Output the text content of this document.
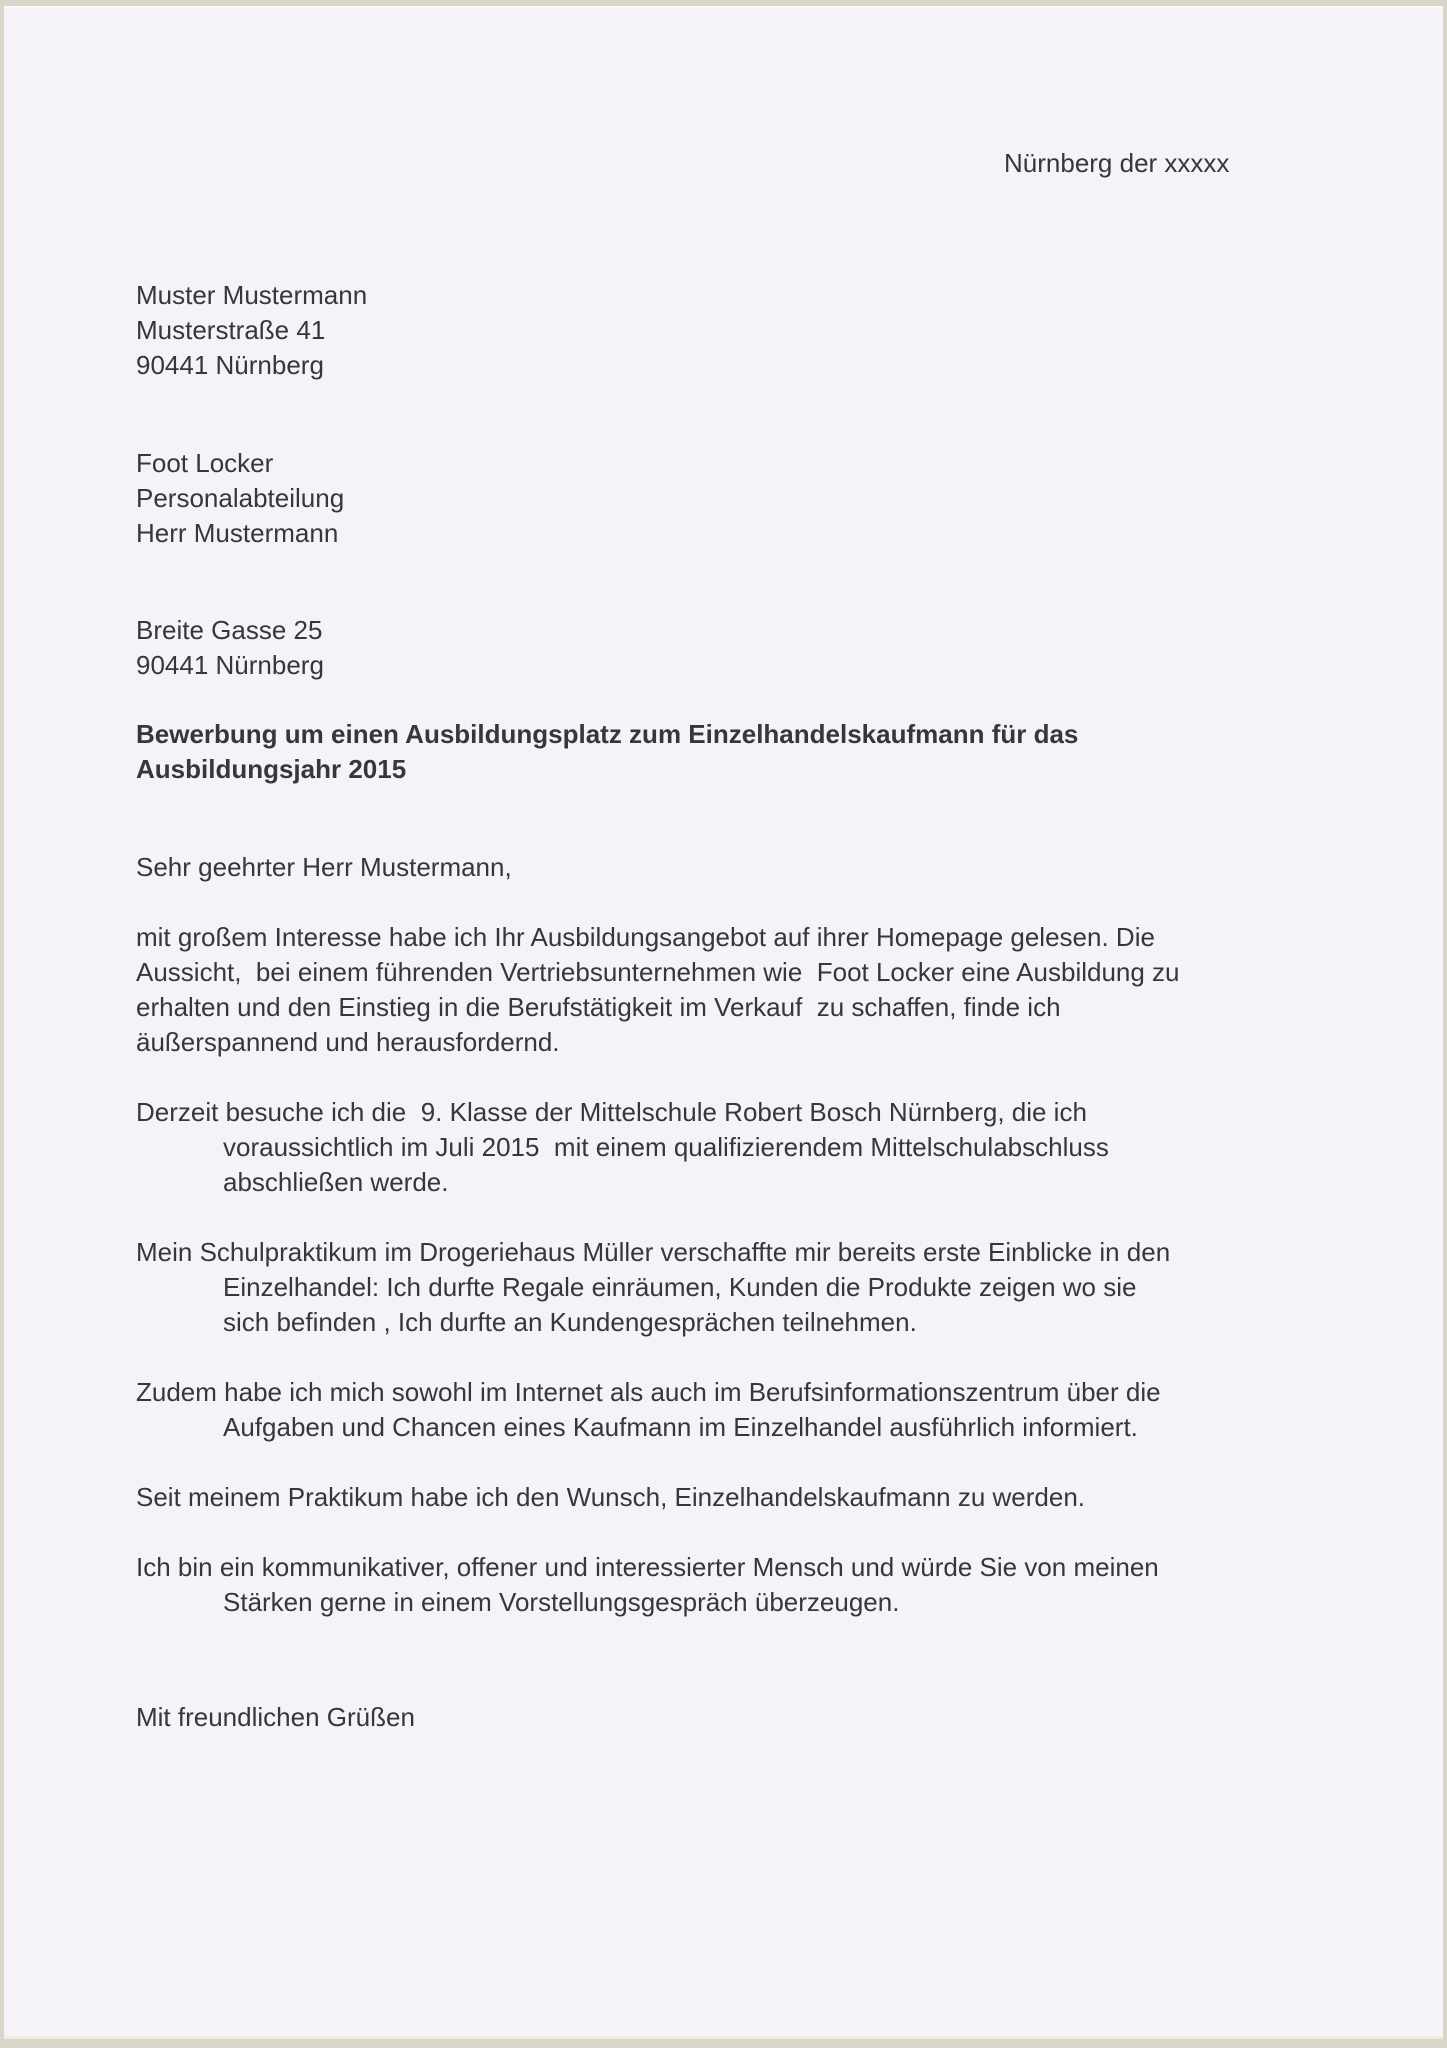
Nürnberg der xxxxx
Muster Mustermann
Musterstraße 41
90441 Nürnberg
Foot Locker
Personalabteilung
Herr Mustermann
Breite Gasse 25
90441 Nürnberg
Bewerbung um einen Ausbildungsplatz zum Einzelhandelskaufmann für das
Ausbildungsjahr 2015
Sehr geehrter Herr Mustermann,
mit großem Interesse habe ich Ihr Ausbildungsangebot auf ihrer Homepage gelesen. Die
Aussicht,  bei einem führenden Vertriebsunternehmen wie  Foot Locker eine Ausbildung zu
erhalten und den Einstieg in die Berufstätigkeit im Verkauf  zu schaffen, finde ich
äußerspannend und herausfordernd.
Derzeit besuche ich die  9. Klasse der Mittelschule Robert Bosch Nürnberg, die ich
voraussichtlich im Juli 2015  mit einem qualifizierendem Mittelschulabschluss
abschließen werde.
Mein Schulpraktikum im Drogeriehaus Müller verschaffte mir bereits erste Einblicke in den
Einzelhandel: Ich durfte Regale einräumen, Kunden die Produkte zeigen wo sie
sich befinden , Ich durfte an Kundengesprächen teilnehmen.
Zudem habe ich mich sowohl im Internet als auch im Berufsinformationszentrum über die
Aufgaben und Chancen eines Kaufmann im Einzelhandel ausführlich informiert.
Seit meinem Praktikum habe ich den Wunsch, Einzelhandelskaufmann zu werden.
Ich bin ein kommunikativer, offener und interessierter Mensch und würde Sie von meinen
Stärken gerne in einem Vorstellungsgespräch überzeugen.
Mit freundlichen Grüßen
